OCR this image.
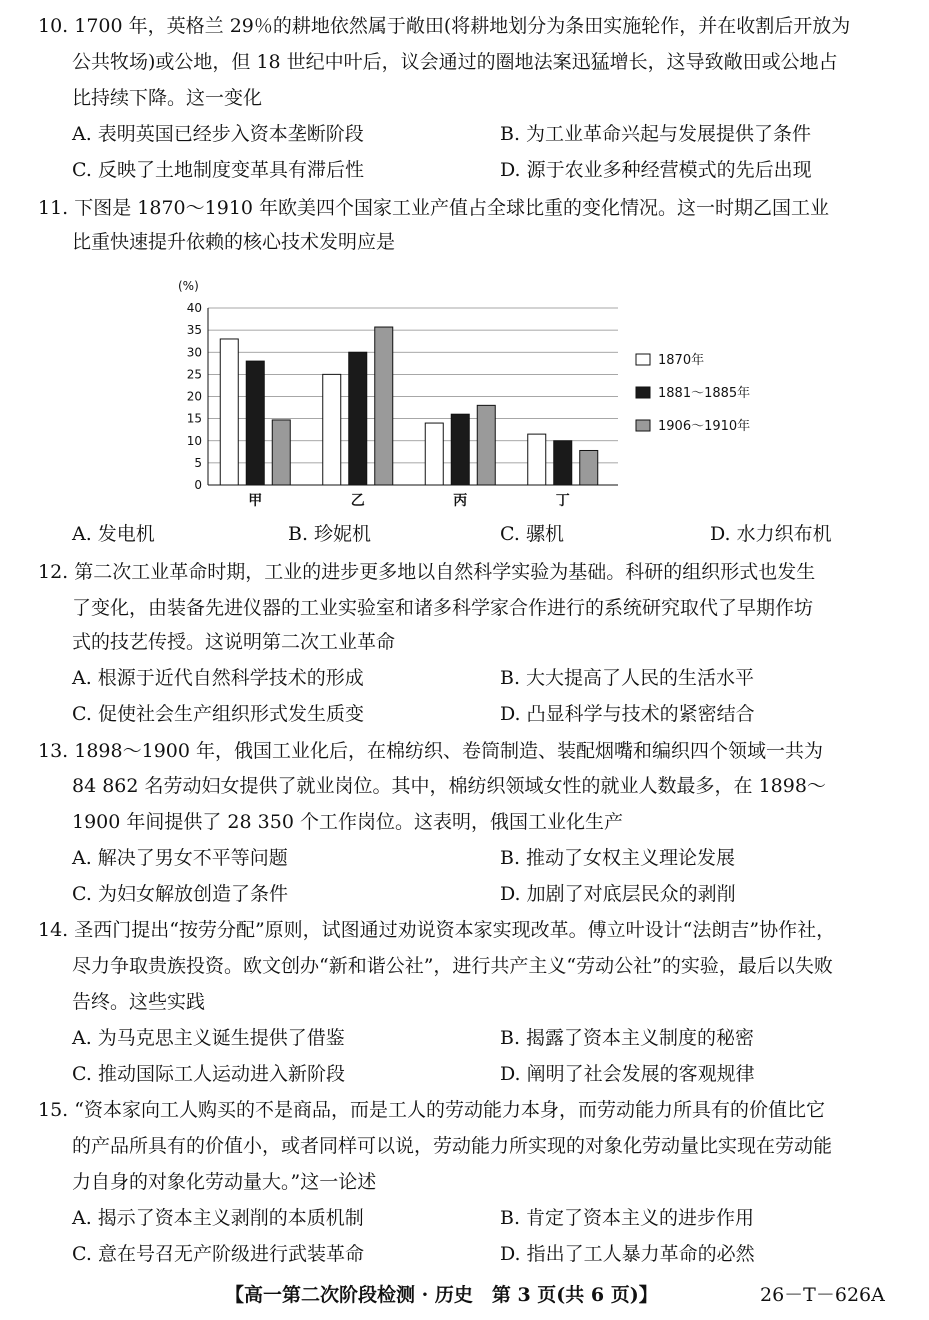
10. 1700 年，英格兰 29％的耕地依然属于敞田(将耕地划分为条田实施轮作，并在收割后开放为
公共牧场)或公地，但 18 世纪中叶后，议会通过的圈地法案迅猛增长，这导致敞田或公地占
比持续下降。这一变化
A. 表明英国已经步入资本垄断阶段	B. 为工业革命兴起与发展提供了条件
C. 反映了土地制度变革具有滞后性	D. 源于农业多种经营模式的先后出现
11. 下图是 1870～1910 年欧美四个国家工业产值占全球比重的变化情况。这一时期乙国工业
比重快速提升依赖的核心技术发明应是
(%)
0
5
10
15
20
25
30
35
40
甲	乙	丙	丁
1870年
1881～1885年
1906～1910年
A. 发电机	B. 珍妮机	C. 骡机	D. 水力织布机
12. 第二次工业革命时期，工业的进步更多地以自然科学实验为基础。科研的组织形式也发生
了变化，由装备先进仪器的工业实验室和诸多科学家合作进行的系统研究取代了早期作坊
式的技艺传授。这说明第二次工业革命
A. 根源于近代自然科学技术的形成	B. 大大提高了人民的生活水平
C. 促使社会生产组织形式发生质变	D. 凸显科学与技术的紧密结合
13. 1898～1900 年，俄国工业化后，在棉纺织、卷筒制造、装配烟嘴和编织四个领域一共为
84 862 名劳动妇女提供了就业岗位。其中，棉纺织领域女性的就业人数最多，在 1898～
1900 年间提供了 28 350 个工作岗位。这表明，俄国工业化生产
A. 解决了男女不平等问题	B. 推动了女权主义理论发展
C. 为妇女解放创造了条件	D. 加剧了对底层民众的剥削
14. 圣西门提出“按劳分配”原则，试图通过劝说资本家实现改革。傅立叶设计“法朗吉”协作社，
尽力争取贵族投资。欧文创办“新和谐公社”，进行共产主义“劳动公社”的实验，最后以失败
告终。这些实践
A. 为马克思主义诞生提供了借鉴	B. 揭露了资本主义制度的秘密
C. 推动国际工人运动进入新阶段	D. 阐明了社会发展的客观规律
15. “资本家向工人购买的不是商品，而是工人的劳动能力本身，而劳动能力所具有的价值比它
的产品所具有的价值小，或者同样可以说，劳动能力所实现的对象化劳动量比实现在劳动能
力自身的对象化劳动量大。”这一论述
A. 揭示了资本主义剥削的本质机制	B. 肯定了资本主义的进步作用
C. 意在号召无产阶级进行武装革命	D. 指出了工人暴力革命的必然
【高一第二次阶段检测 · 历史　第 3 页(共 6 页)】	26－T－626A
